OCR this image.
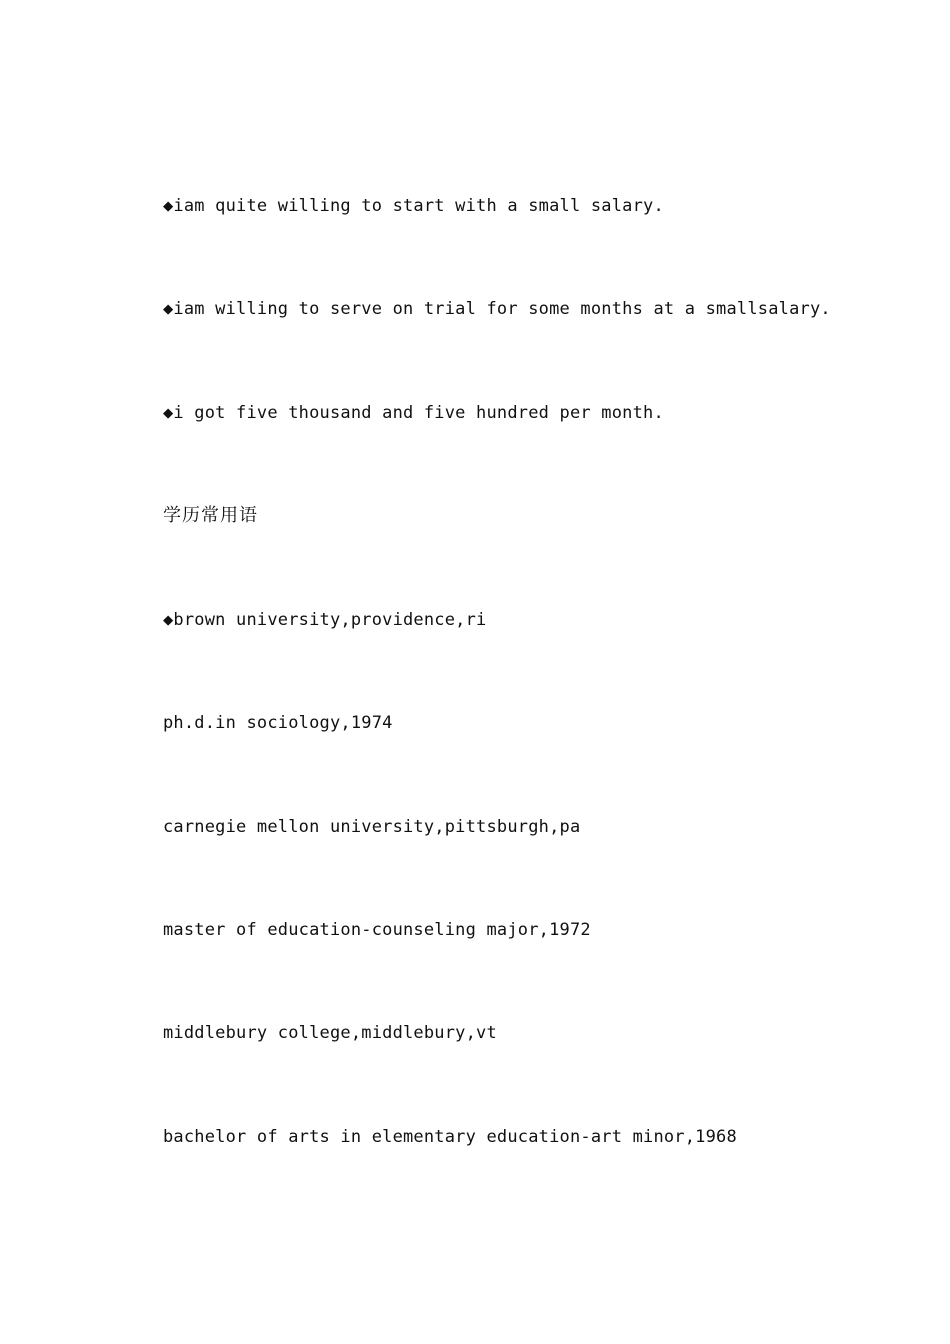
◆iam quite willing to start with a small salary.
◆iam willing to serve on trial for some months at a smallsalary.
◆i got five thousand and five hundred per month.
学历常用语
◆brown university,providence,ri
ph.d.in sociology,1974
carnegie mellon university,pittsburgh,pa
master of education-counseling major,1972
middlebury college,middlebury,vt
bachelor of arts in elementary education-art minor,1968
